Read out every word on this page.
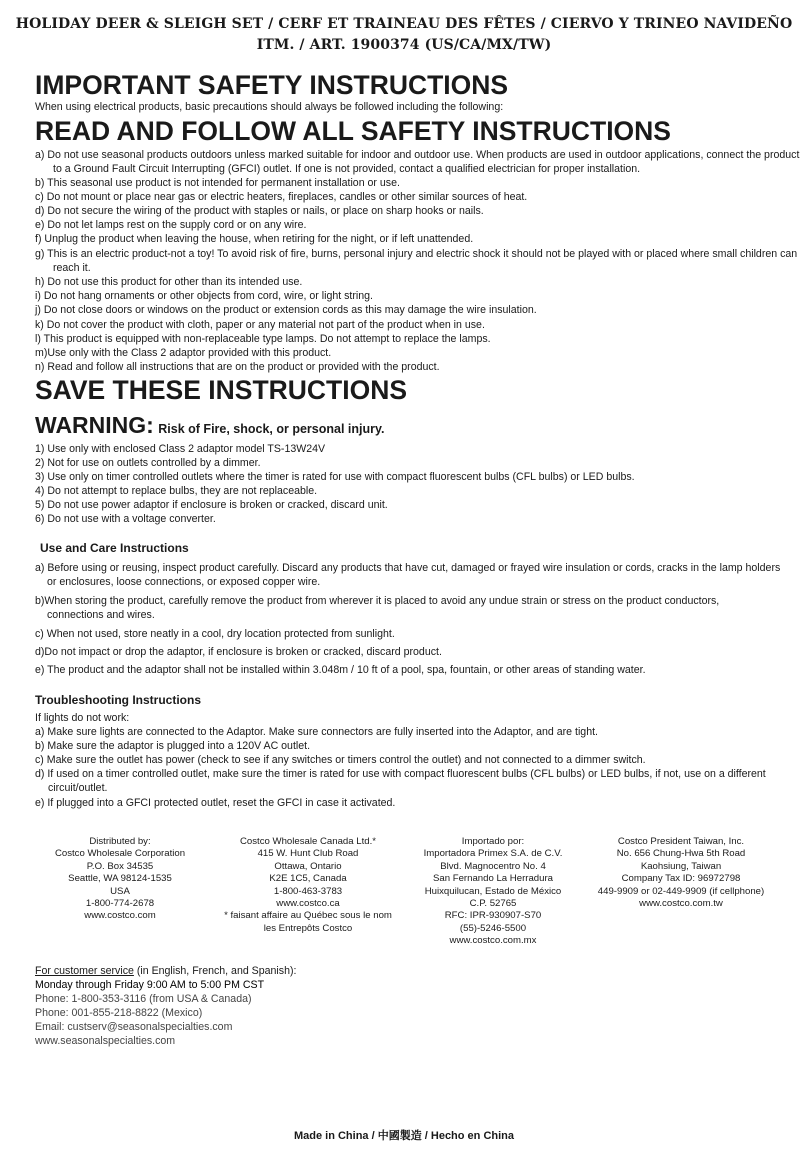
HOLIDAY DEER & SLEIGH SET / CERF ET TRAINEAU DES FÊTES / CIERVO Y TRINEO NAVIDEÑO
ITM. / ART. 1900374 (US/CA/MX/TW)
IMPORTANT SAFETY INSTRUCTIONS
When using electrical products, basic precautions should always be followed including the following:
READ AND FOLLOW ALL SAFETY INSTRUCTIONS
a) Do not use seasonal products outdoors unless marked suitable for indoor and outdoor use. When products are used in outdoor applications, connect the product
to a Ground Fault Circuit Interrupting (GFCI) outlet. If one is not provided, contact a qualified electrician for proper installation.
b) This seasonal use product is not intended for permanent installation or use.
c) Do not mount or place near gas or electric heaters, fireplaces, candles or other similar sources of heat.
d) Do not secure the wiring of the product with staples or nails, or place on sharp hooks or nails.
e) Do not let lamps rest on the supply cord or on any wire.
f) Unplug the product when leaving the house, when retiring for the night, or if left unattended.
g) This is an electric product-not a toy! To avoid risk of fire, burns, personal injury and electric shock it should not be played with or placed where small children can
reach it.
h) Do not use this product for other than its intended use.
i) Do not hang ornaments or other objects from cord, wire, or light string.
j) Do not close doors or windows on the product or extension cords as this may damage the wire insulation.
k) Do not cover the product with cloth, paper or any material not part of the product when in use.
l) This product is equipped with non-replaceable type lamps. Do not attempt to replace the lamps.
m)Use only with the Class 2 adaptor provided with this product.
n) Read and follow all instructions that are on the product or provided with the product.
SAVE THESE INSTRUCTIONS
WARNING: Risk of Fire, shock, or personal injury.
1) Use only with enclosed Class 2 adaptor model TS-13W24V
2) Not for use on outlets controlled by a dimmer.
3) Use only on timer controlled outlets where the timer is rated for use with compact fluorescent bulbs (CFL bulbs) or LED bulbs.
4) Do not attempt to replace bulbs, they are not replaceable.
5) Do not use power adaptor if enclosure is broken or cracked, discard unit.
6) Do not use with a voltage converter.
Use and Care Instructions
a) Before using or reusing, inspect product carefully. Discard any products that have cut, damaged or frayed wire insulation or cords, cracks in the lamp holders
or enclosures, loose connections, or exposed copper wire.
b)When storing the product, carefully remove the product from wherever it is placed to avoid any undue strain or stress on the product conductors,
connections and wires.
c) When not used, store neatly in a cool, dry location protected from sunlight.
d)Do not impact or drop the adaptor, if enclosure is broken or cracked, discard product.
e) The product and the adaptor shall not be installed within 3.048m / 10 ft of a pool, spa, fountain, or other areas of standing water.
Troubleshooting Instructions
If lights do not work:
a) Make sure lights are connected to the Adaptor. Make sure connectors are fully inserted into the Adaptor, and are tight.
b) Make sure the adaptor is plugged into a 120V AC outlet.
c) Make sure the outlet has power (check to see if any switches or timers control the outlet) and not connected to a dimmer switch.
d) If used on a timer controlled outlet, make sure the timer is rated for use with compact fluorescent bulbs (CFL bulbs) or LED bulbs, if not, use on a different
circuit/outlet.
e) If plugged into a GFCI protected outlet, reset the GFCI in case it activated.
Distributed by:
Costco Wholesale Corporation
P.O. Box 34535
Seattle, WA 98124-1535
USA
1-800-774-2678
www.costco.com
Costco Wholesale Canada Ltd.*
415 W. Hunt Club Road
Ottawa, Ontario
K2E 1C5, Canada
1-800-463-3783
www.costco.ca
* faisant affaire au Québec sous le nom
les Entrepôts Costco
Importado por:
Importadora Primex S.A. de C.V.
Blvd. Magnocentro No. 4
San Fernando La Herradura
Huixquilucan, Estado de México
C.P. 52765
RFC: IPR-930907-S70
(55)-5246-5500
www.costco.com.mx
Costco President Taiwan, Inc.
No. 656 Chung-Hwa 5th Road
Kaohsiung, Taiwan
Company Tax ID: 96972798
449-9909 or 02-449-9909 (if cellphone)
www.costco.com.tw
For customer service (in English, French, and Spanish):
Monday through Friday 9:00 AM to 5:00 PM CST
Phone: 1-800-353-3116 (from USA & Canada)
Phone: 001-855-218-8822 (Mexico)
Email: custserv@seasonalspecialties.com
www.seasonalspecialties.com
Made in China / 中國製造 / Hecho en China
